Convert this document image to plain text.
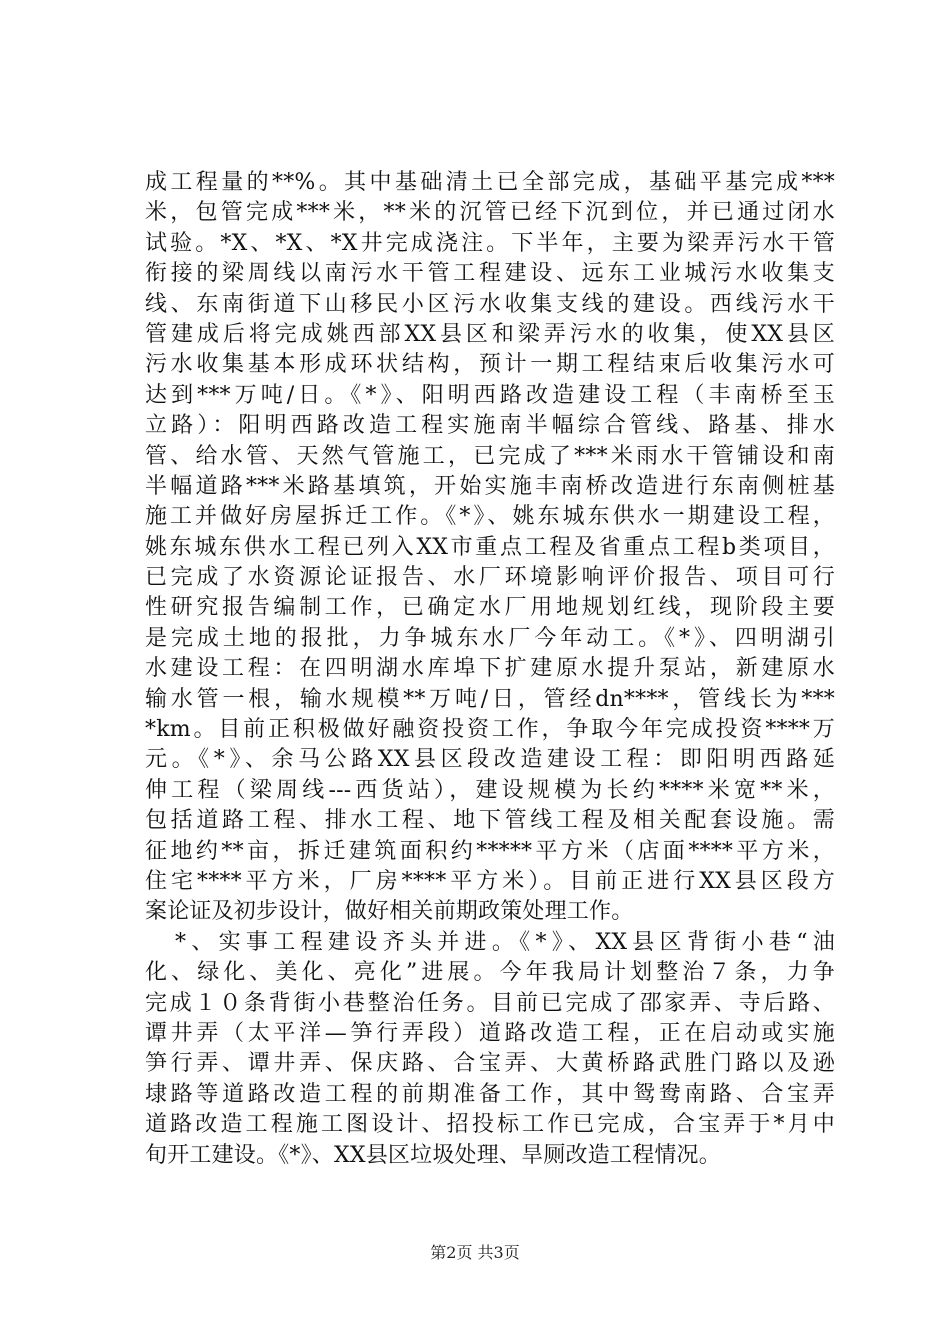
成工程量的**%。其中基础清土已全部完成，基础平基完成***
米，包管完成***米，**米的沉管已经下沉到位，并已通过闭水
试验。*X、*X、*X井完成浇注。下半年，主要为梁弄污水干管
衔接的梁周线以南污水干管工程建设、远东工业城污水收集支
线、东南街道下山移民小区污水收集支线的建设。西线污水干
管建成后将完成姚西部XX县区和梁弄污水的收集，使XX县区
污水收集基本形成环状结构，预计一期工程结束后收集污水可
达到***万吨/日。《*》、阳明西路改造建设工程（丰南桥至玉
立路）：阳明西路改造工程实施南半幅综合管线、路基、排水
管、给水管、天然气管施工，已完成了***米雨水干管铺设和南
半幅道路***米路基填筑，开始实施丰南桥改造进行东南侧桩基
施工并做好房屋拆迁工作。《*》、姚东城东供水一期建设工程，
姚东城东供水工程已列入XX市重点工程及省重点工程b类项目，
已完成了水资源论证报告、水厂环境影响评价报告、项目可行
性研究报告编制工作，已确定水厂用地规划红线，现阶段主要
是完成土地的报批，力争城东水厂今年动工。《*》、四明湖引
水建设工程：在四明湖水库埠下扩建原水提升泵站，新建原水
输水管一根，输水规模**万吨/日，管经dn****，管线长为***
*km。目前正积极做好融资投资工作，争取今年完成投资****万
元。《*》、余马公路XX县区段改造建设工程：即阳明西路延
伸工程（梁周线---西货站），建设规模为长约****米宽**米，
包括道路工程、排水工程、地下管线工程及相关配套设施。需
征地约**亩，拆迁建筑面积约*****平方米（店面****平方米，
住宅****平方米，厂房****平方米）。目前正进行XX县区段方
案论证及初步设计，做好相关前期政策处理工作。
*、实事工程建设齐头并进。《*》、XX县区背街小巷“油
化、绿化、美化、亮化”进展。今年我局计划整治７条，力争
完成１０条背街小巷整治任务。目前已完成了邵家弄、寺后路、
谭井弄（太平洋—笋行弄段）道路改造工程，正在启动或实施
笋行弄、谭井弄、保庆路、合宝弄、大黄桥路武胜门路以及逊
埭路等道路改造工程的前期准备工作，其中鸳鸯南路、合宝弄
道路改造工程施工图设计、招投标工作已完成，合宝弄于*月中
旬开工建设。《*》、XX县区垃圾处理、旱厕改造工程情况。
第2页 共3页
